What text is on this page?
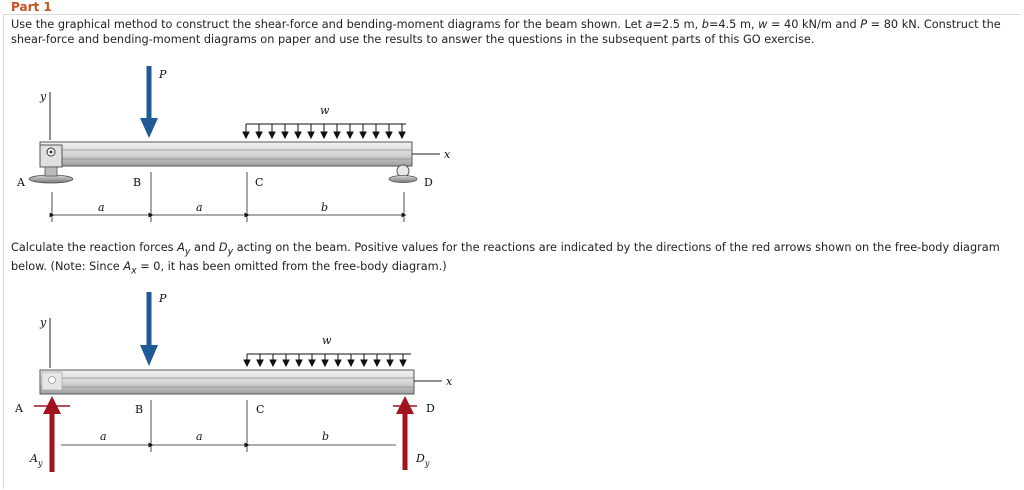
Part 1
Use the graphical method to construct the shear-force and bending-moment diagrams for the beam shown. Let a=2.5 m, b=4.5 m, w = 40 kN/m and P = 80 kN. Construct the shear-force and bending-moment diagrams on paper and use the results to answer the questions in the subsequent parts of this GO exercise.
Calculate the reaction forces $A_y$ and $D_y$ acting on the beam. Positive values for the reactions are indicated by the directions of the red arrows shown on the free-body diagram below. (Note: Since $A_x = 0$, it has been omitted from the free-body diagram.)
y
x
A	D
P
w
B	C
a	a	b
y
x
P
w
A
$A_y$
D
$D_y$
B	C
a	a	b
